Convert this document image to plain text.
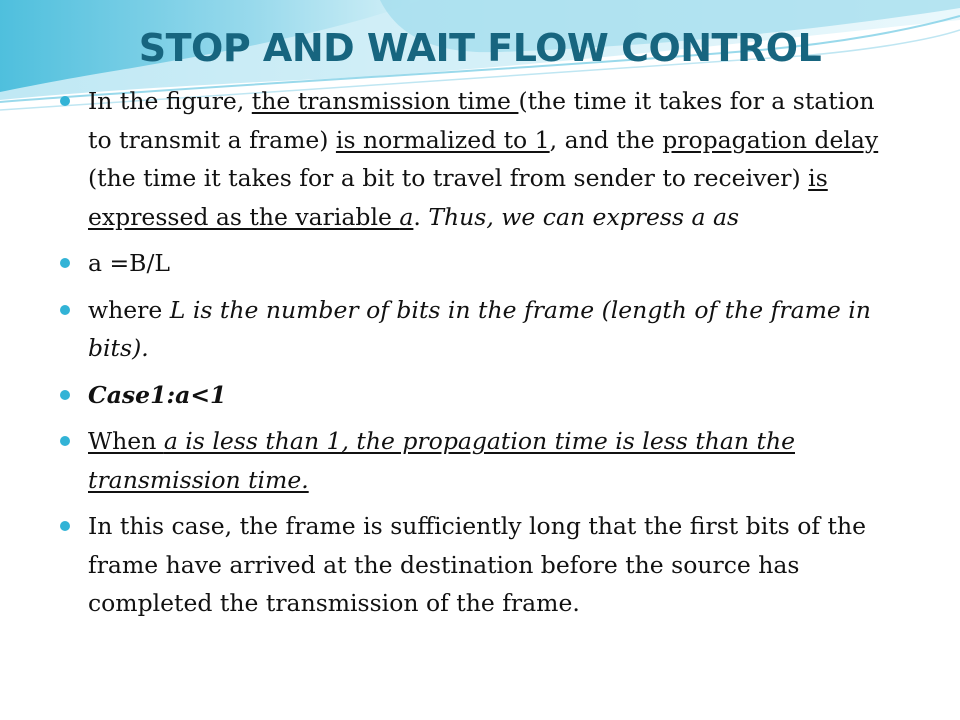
STOP AND WAIT FLOW CONTROL
In the figure, the transmission time (the time it takes for a station to transmit a frame) is normalized to 1, and the propagation delay (the time it takes for a bit to travel from sender to receiver) is expressed as the variable a. Thus, we can express a as
a =B/L
where L is the number of bits in the frame (length of the frame in bits).
Case1:a<1
When a is less than 1, the propagation time is less than the transmission time.
In this case, the frame is sufficiently long that the first bits of the frame have arrived at the destination before the source has completed the transmission of the frame.
